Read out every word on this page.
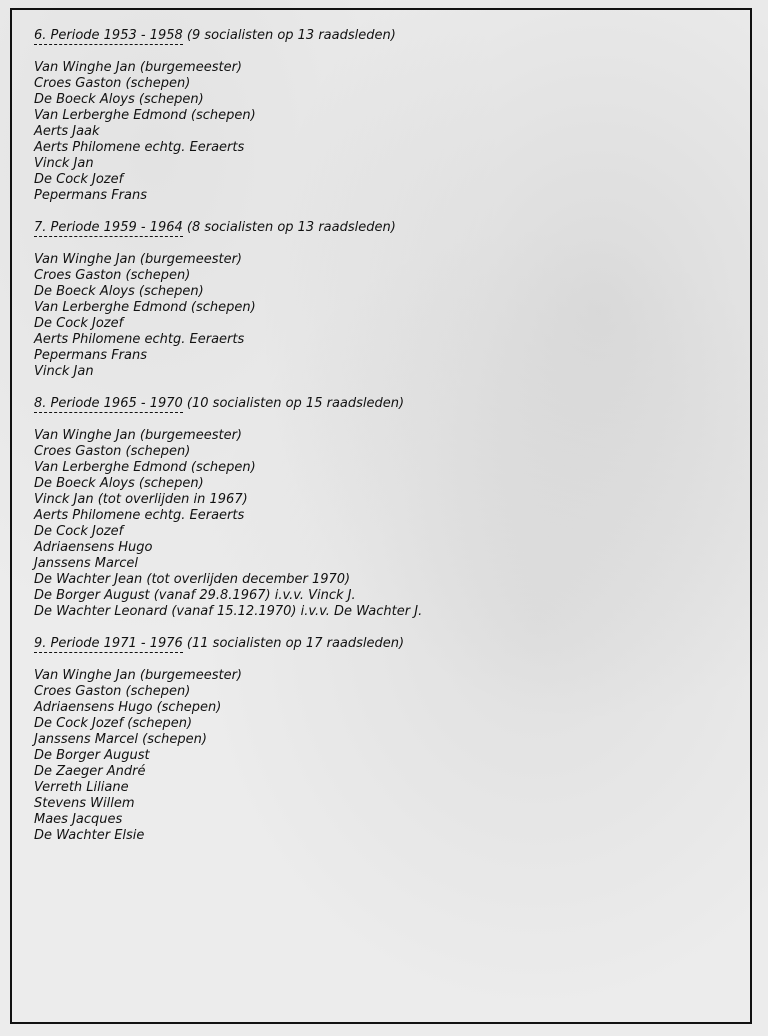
6. Periode 1953 - 1958 (9 socialisten op 13 raadsleden)

Van Winghe Jan (burgemeester)
Croes Gaston (schepen)
De Boeck Aloys (schepen)
Van Lerberghe Edmond (schepen)
Aerts Jaak
Aerts Philomene echtg. Eeraerts
Vinck Jan
De Cock Jozef
Pepermans Frans

7. Periode 1959 - 1964 (8 socialisten op 13 raadsleden)

Van Winghe Jan (burgemeester)
Croes Gaston (schepen)
De Boeck Aloys (schepen)
Van Lerberghe Edmond (schepen)
De Cock Jozef
Aerts Philomene echtg. Eeraerts
Pepermans Frans
Vinck Jan

8. Periode 1965 - 1970 (10 socialisten op 15 raadsleden)

Van Winghe Jan (burgemeester)
Croes Gaston (schepen)
Van Lerberghe Edmond (schepen)
De Boeck Aloys (schepen)
Vinck Jan (tot overlijden in 1967)
Aerts Philomene echtg. Eeraerts
De Cock Jozef
Adriaensens Hugo
Janssens Marcel
De Wachter Jean (tot overlijden december 1970)
De Borger August (vanaf 29.8.1967) i.v.v. Vinck J.
De Wachter Leonard (vanaf 15.12.1970) i.v.v. De Wachter J.

9. Periode 1971 - 1976 (11 socialisten op 17 raadsleden)

Van Winghe Jan (burgemeester)
Croes Gaston (schepen)
Adriaensens Hugo (schepen)
De Cock Jozef (schepen)
Janssens Marcel (schepen)
De Borger August
De Zaeger André
Verreth Liliane
Stevens Willem
Maes Jacques
De Wachter Elsie
